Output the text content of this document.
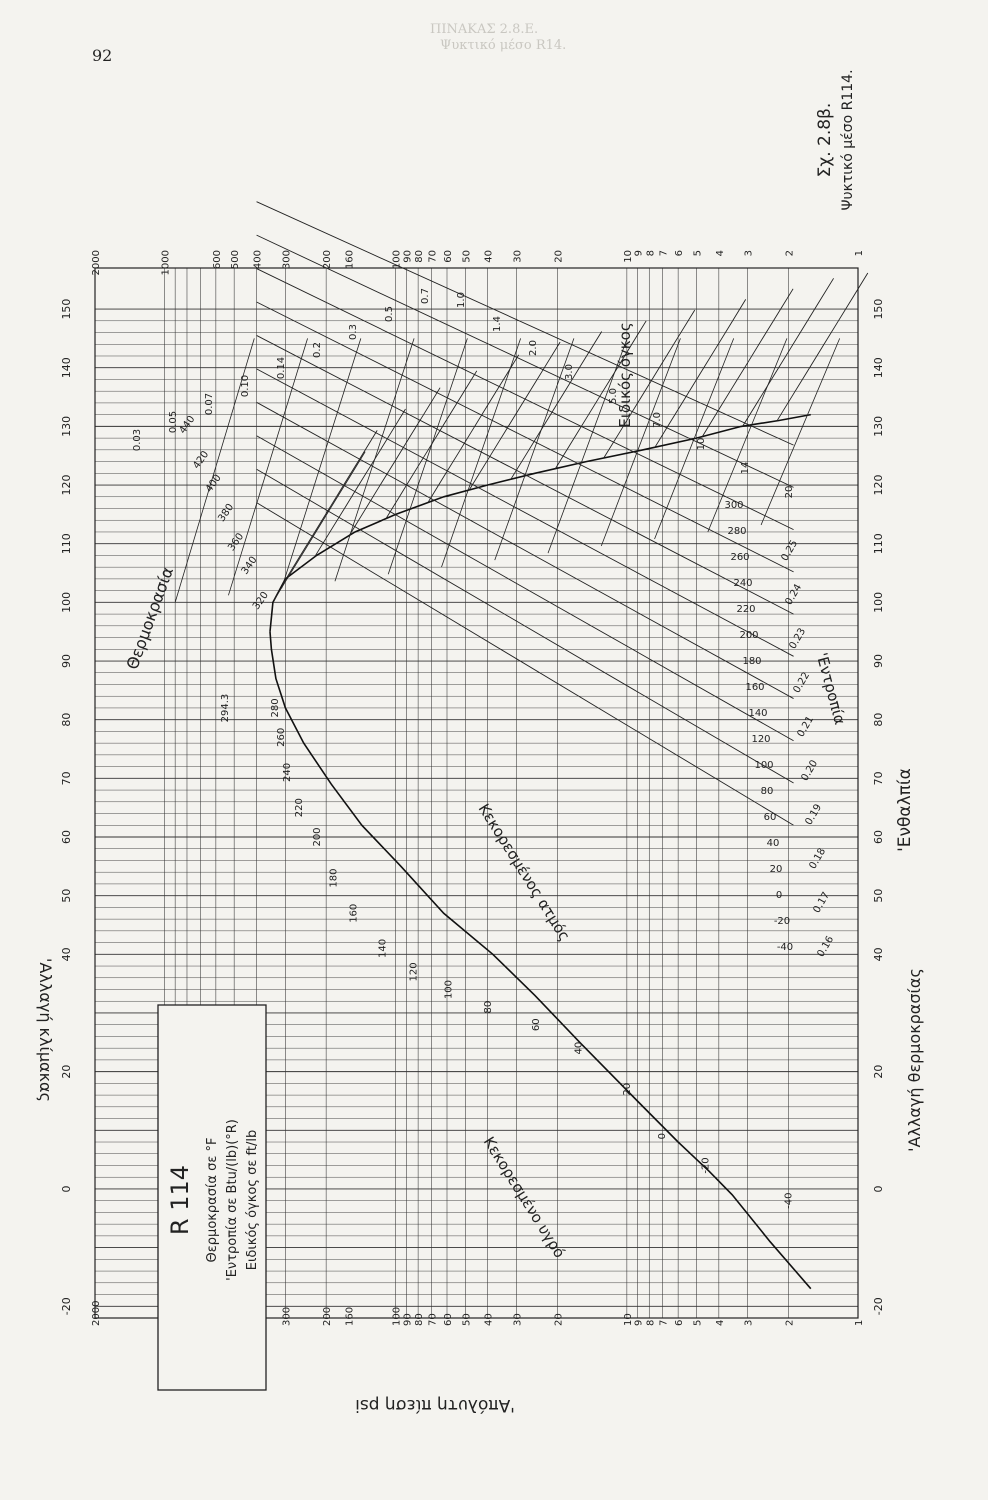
92
ΠΙΝΑΚΑΣ 2.8.Ε.
Ψυκτικό μέσο R14.
-20	-20
0	0
20	20
40	40
50	50
60	60
70	70
80	80
90	90
100	100
110	110
120	120
130	130
140	140
150	150
1
1
2
2
3
3
4
4
5
5
6
6
7
7
8
8
9
9
10
10
20
20
30
30
40
40
50
50
60
60
70
70
80
80
90
90
100
100
160
160
200
200
300
300
400
500
600
1000
2000
2000
-40
-20
0
20
40
60
80
100
120
140
160
180
200
220
240
260
280
320
340
360
380
400
420
440
-40
-20
0
20
40
60
80
100
120
140
160
180
200
220
240
260
280
300
0.16
0.17
0.18
0.19
0.20
0.21
0.22
0.23
0.24
0.25
0.03
0.05
0.07
0.10
0.14
0.2
0.3
0.5
0.7	1.0
1.4
2.0
3.0
5.0
7.0
10
14
20
294.3
Θερμοκρασία
Κεκορεσμένος ατμός
Κεκορεσμένο υγρό
'Εντροπία
Ειδικός όγκος
'Ενθαλπία
'Απόλυτη πίεση psi
'Αλλαγή κλίμακας	'Αλλαγή θερμοκρασίας
R 114 Θερμοκρασία σε °F 'Εντροπία σε Btu/(lb)(°R) Ειδικός όγκος σε ft/lb
Σχ. 2.8β. Ψυκτικό μέσο R114.
